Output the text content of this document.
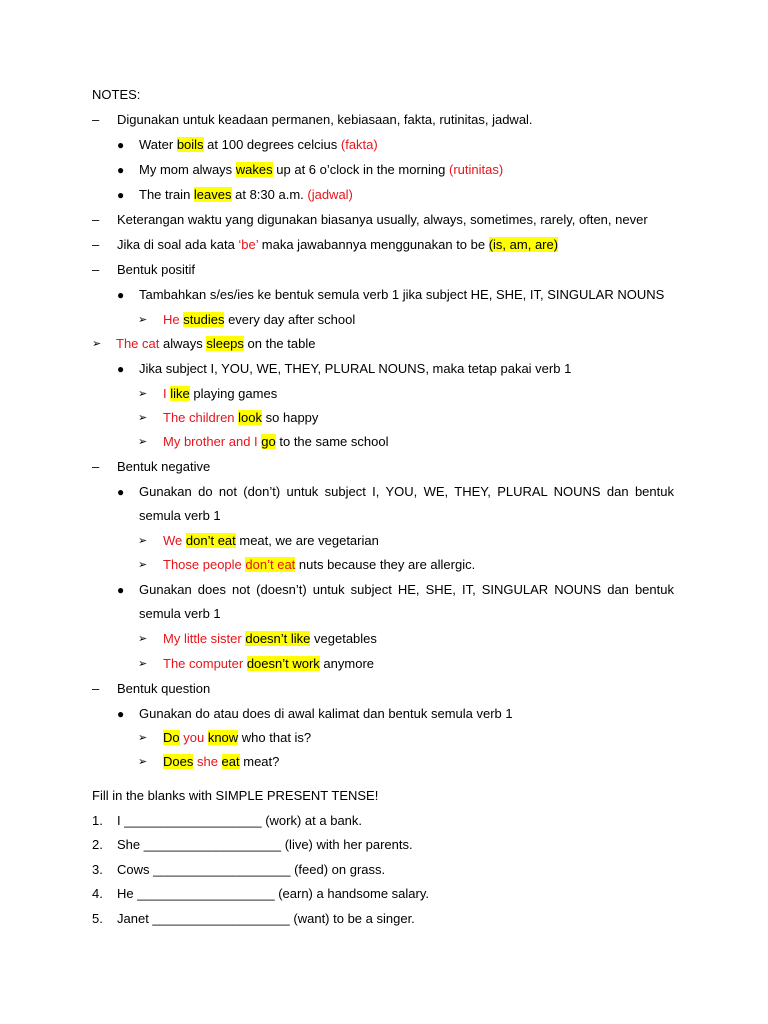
NOTES:
– Digunakan untuk keadaan permanen, kebiasaan, fakta, rutinitas, jadwal.
● Water boils at 100 degrees celcius (fakta)
● My mom always wakes up at 6 o’clock in the morning (rutinitas)
● The train leaves at 8:30 a.m. (jadwal)
– Keterangan waktu yang digunakan biasanya usually, always, sometimes, rarely, often, never
– Jika di soal ada kata ‘be’ maka jawabannya menggunakan to be (is, am, are)
– Bentuk positif
● Tambahkan s/es/ies ke bentuk semula verb 1 jika subject HE, SHE, IT, SINGULAR NOUNS
➢ He studies every day after school
➢ The cat always sleeps on the table
● Jika subject I, YOU, WE, THEY, PLURAL NOUNS, maka tetap pakai verb 1
➢ I like playing games
➢ The children look so happy
➢ My brother and I go to the same school
– Bentuk negative
● Gunakan do not (don’t) untuk subject I, YOU, WE, THEY, PLURAL NOUNS dan bentuk
semula verb 1
➢ We don’t eat meat, we are vegetarian
➢ Those people don’t eat nuts because they are allergic.
● Gunakan does not (doesn’t) untuk subject HE, SHE, IT, SINGULAR NOUNS dan bentuk
semula verb 1
➢ My little sister doesn’t like vegetables
➢ The computer doesn’t work anymore
– Bentuk question
● Gunakan do atau does di awal kalimat dan bentuk semula verb 1
➢ Do you know who that is?
➢ Does she eat meat?
Fill in the blanks with SIMPLE PRESENT TENSE!
1. I ___________________ (work) at a bank.
2. She ___________________ (live) with her parents.
3. Cows ___________________ (feed) on grass.
4. He ___________________ (earn) a handsome salary.
5. Janet ___________________ (want) to be a singer.
